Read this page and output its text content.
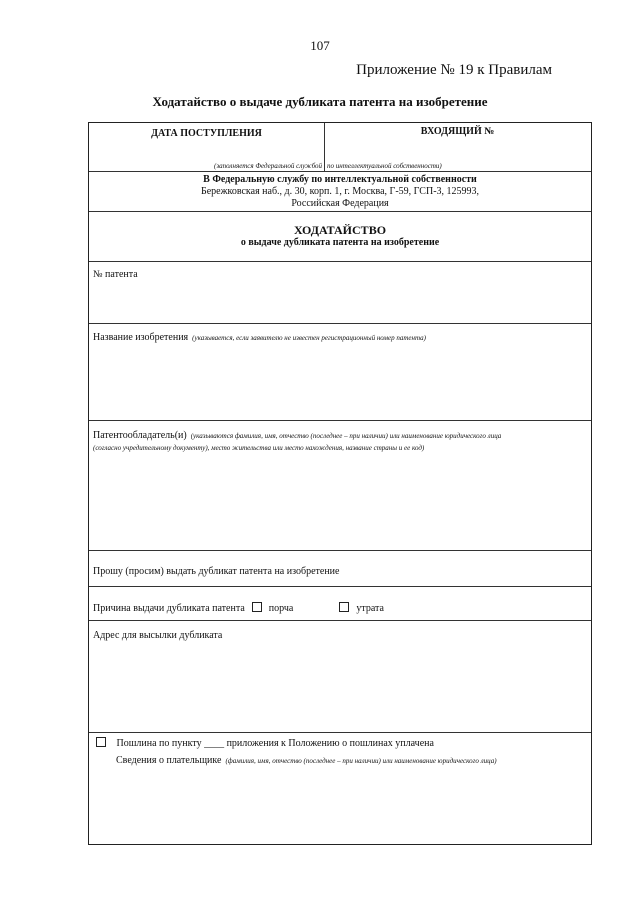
107
Приложение № 19 к Правилам
Ходатайство о выдаче дубликата патента на изобретение
ДАТА ПОСТУПЛЕНИЯ
(заполняется Федеральной службой
ВХОДЯЩИЙ №
по интеллектуальной собственности)
В Федеральную службу по интеллектуальной собственности
Бережковская наб., д. 30, корп. 1, г. Москва, Г-59, ГСП-3, 125993,
Российская Федерация
ХОДАТАЙСТВО
о выдаче дубликата патента на изобретение
№ патента
Название изобретения (указывается, если заявителю не известен регистрационный номер патента)
Патентообладатель(и) (указываются фамилия, имя, отчество (последнее – при наличии) или наименование юридического лица
(согласно учредительному документу), место жительства или место нахождения, название страны и ее код)
Прошу (просим) выдать дубликат патента на изобретение
Причина выдачи дубликата патента порча	утрата
Адрес для высылки дубликата
Пошлина по пункту ____ приложения к Положению о пошлинах уплачена
Сведения о плательщике (фамилия, имя, отчество (последнее – при наличии) или наименование юридического лица)
